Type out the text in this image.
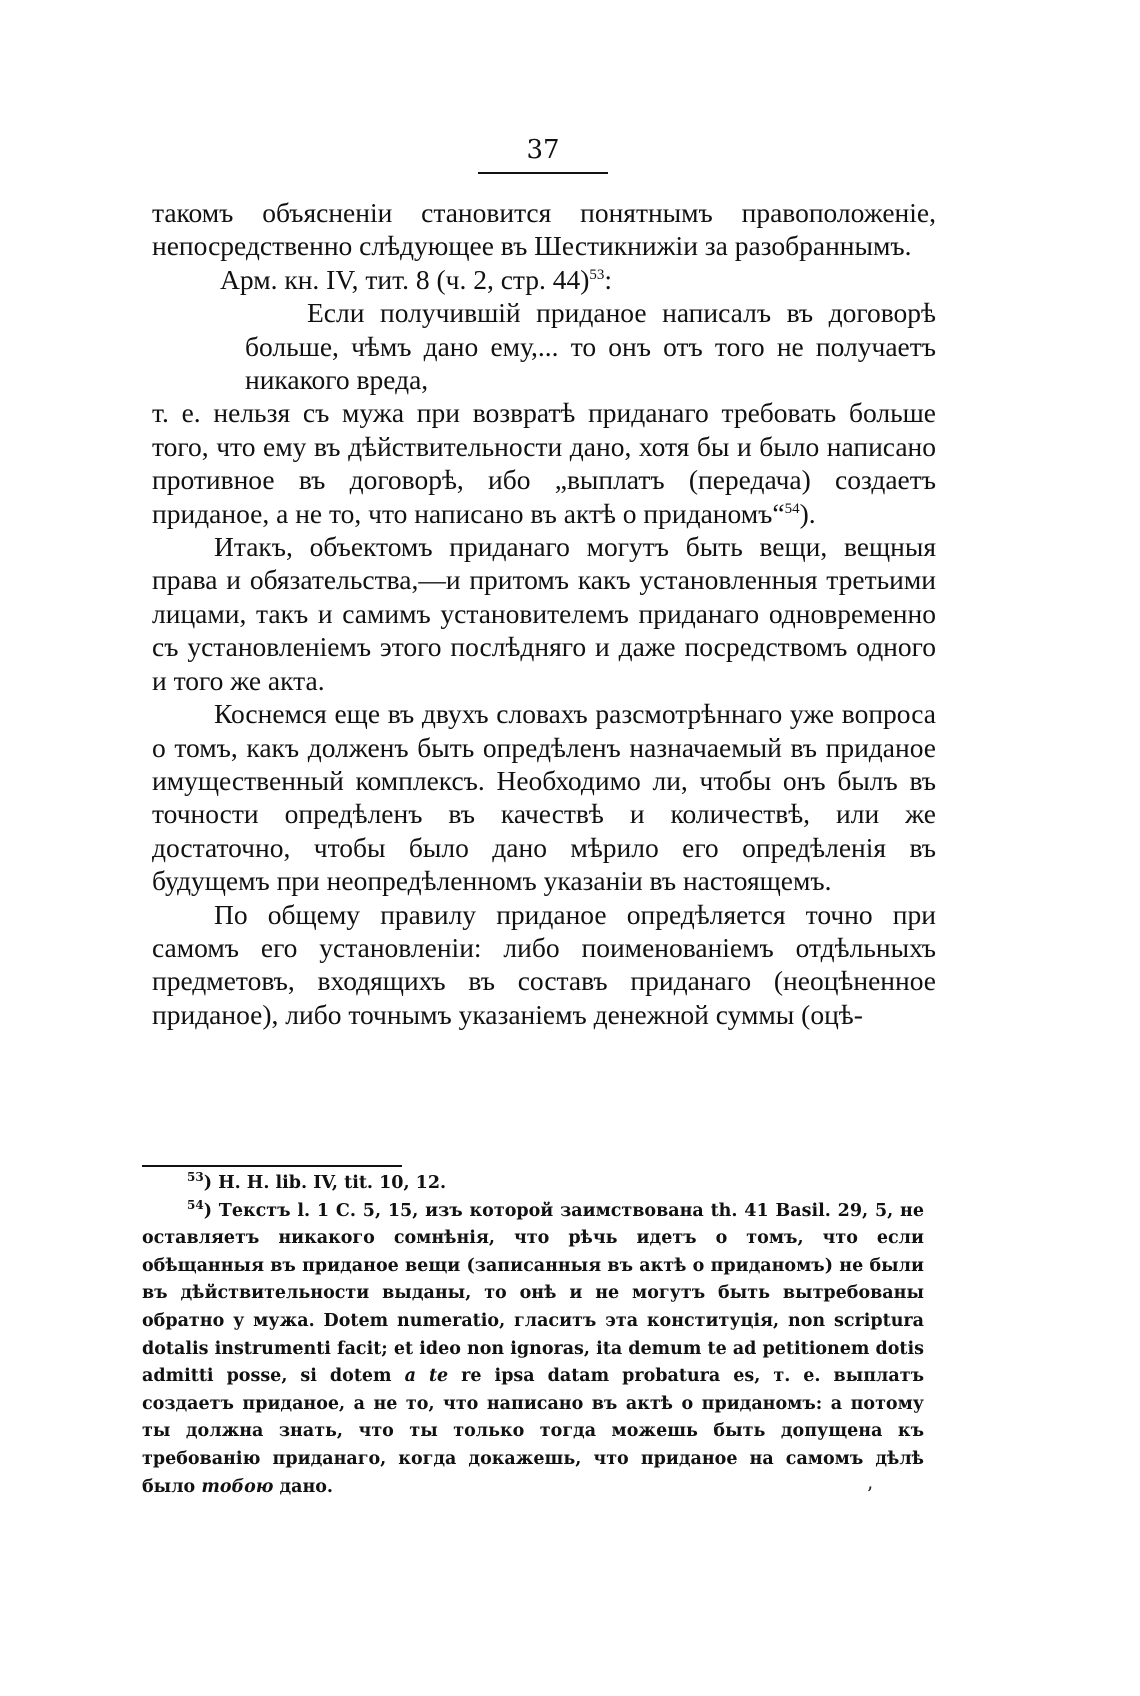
37

такомъ объясненіи становится понятнымъ правоположеніе, непосредственно слѣдующее въ Шестикнижіи за разобраннымъ.

Арм. кн. IV, тит. 8 (ч. 2, стр. 44)$^{53}$:

Если получившій приданое написалъ въ договорѣ больше, чѣмъ дано ему,... то онъ отъ того не получаетъ никакого вреда,

т. е. нельзя съ мужа при возвратѣ приданаго требовать больше того, что ему въ дѣйствительности дано, хотя бы и было написано противное въ договорѣ, ибо „выплатъ (передача) создаетъ приданое, а не то, что написано въ актѣ о приданомъ“$^{54}$).

Итакъ, объектомъ приданаго могутъ быть вещи, вещныя права и обязательства,—и притомъ какъ установленныя третьими лицами, такъ и самимъ установителемъ приданаго одновременно съ установленіемъ этого послѣдняго и даже посредствомъ одного и того же акта.

Коснемся еще въ двухъ словахъ разсмотрѣннаго уже вопроса о томъ, какъ долженъ быть опредѣленъ назначаемый въ приданое имущественный комплексъ. Необходимо ли, чтобы онъ былъ въ точности опредѣленъ въ качествѣ и количествѣ, или же достаточно, чтобы было дано мѣрило его опредѣленія въ будущемъ при неопредѣленномъ указаніи въ настоящемъ.

По общему правилу приданое опредѣляется точно при самомъ его установленіи: либо поименованіемъ отдѣльныхъ предметовъ, входящихъ въ составъ приданаго (неоцѣненное приданое), либо точнымъ указаніемъ денежной суммы (оцѣ-

$^{53}$) Н. Н. lib. IV, tit. 10, 12.

$^{54}$) Текстъ l. 1 С. 5, 15, изъ которой заимствована th. 41 Basil. 29, 5, не оставляетъ никакого сомнѣнія, что рѣчь идетъ о томъ, что если обѣщанныя въ приданое вещи (записанныя въ актѣ о приданомъ) не были въ дѣйствительности выданы, то онѣ и не могутъ быть вытребованы обратно у мужа. Dotem numeratio, гласитъ эта конституція, non scriptura dotalis instrumenti facit; et ideo non ignoras, ita demum te ad petitionem dotis admitti posse, si dotem a te re ipsa datam probatura es, т. е. выплатъ создаетъ приданое, а не то, что написано въ актѣ о приданомъ: а потому ты должна знать, что ты только тогда можешь быть допущена къ требованію приданаго, когда докажешь, что приданое на самомъ дѣлѣ было тобою дано.	ʼ
